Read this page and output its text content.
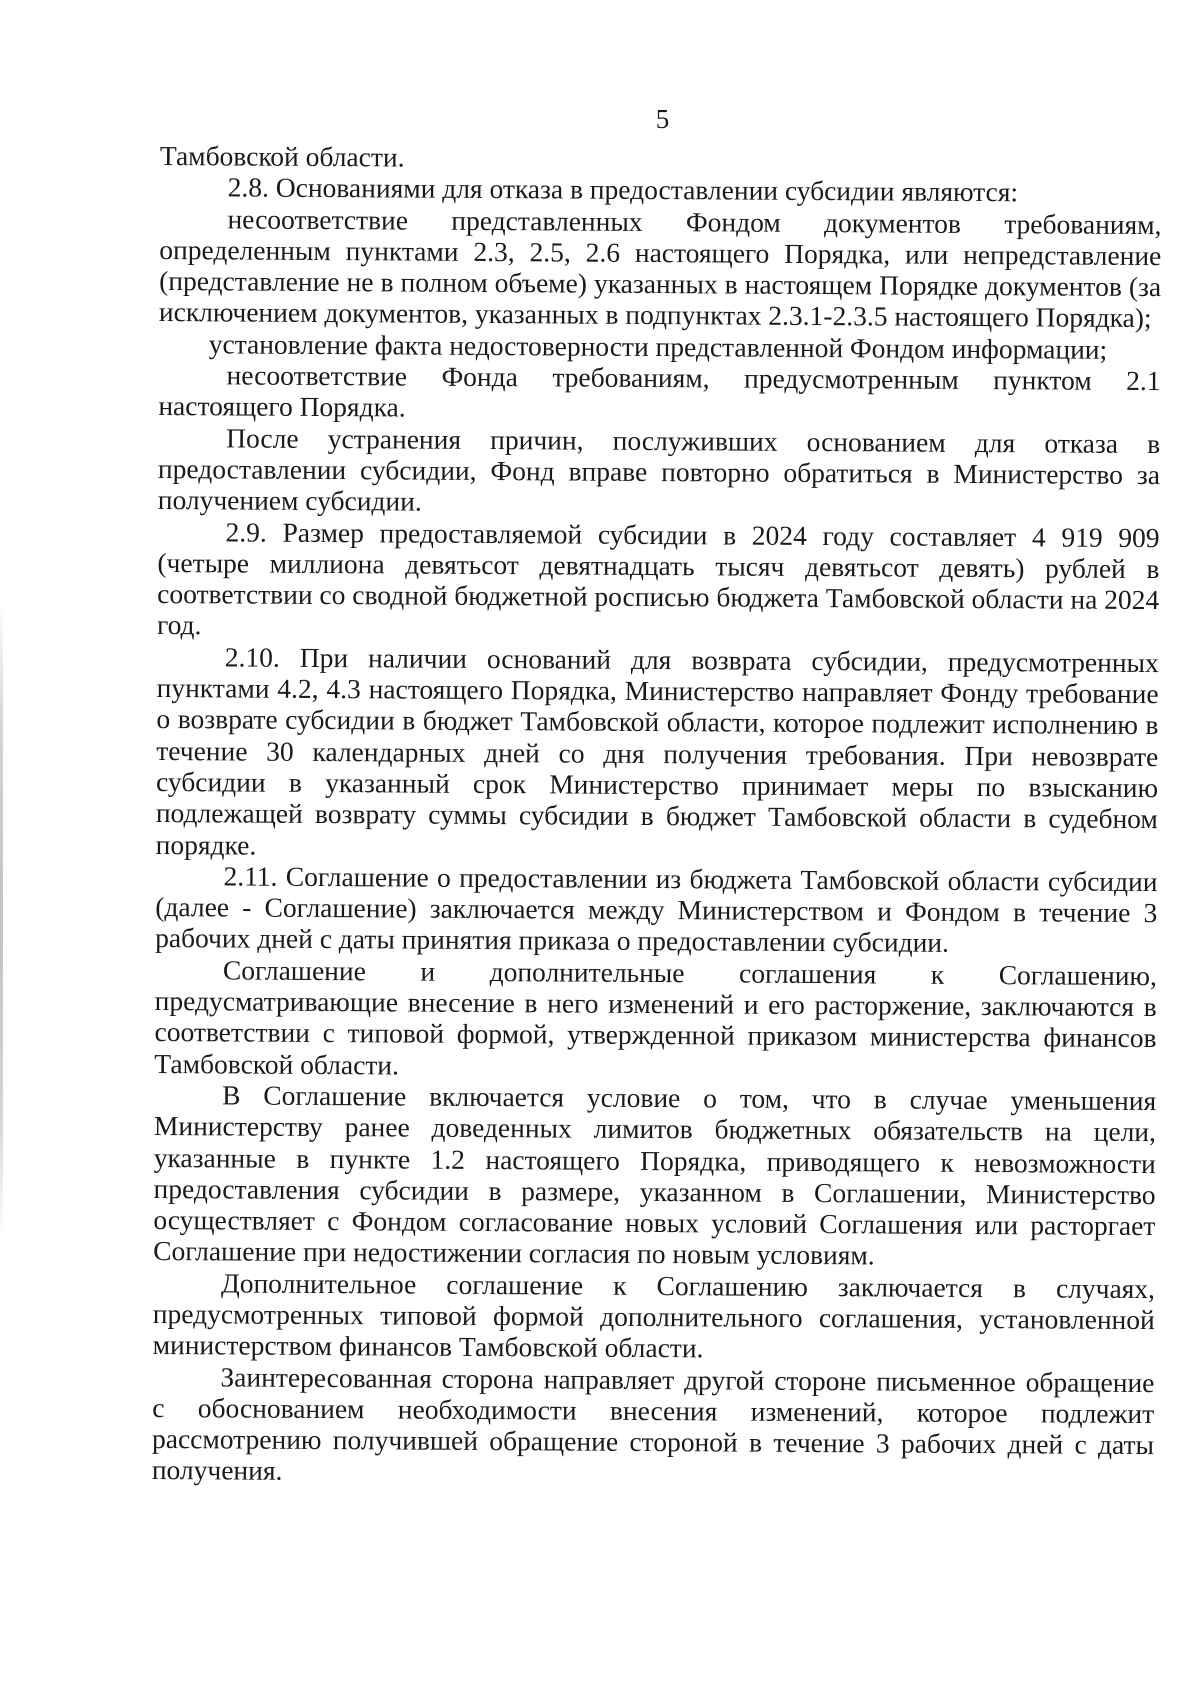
5

Тамбовской области.

2.8. Основаниями для отказа в предоставлении субсидии являются:

несоответствие представленных Фондом документов требованиям, определенным пунктами 2.3, 2.5, 2.6 настоящего Порядка, или непредставление (представление не в полном объеме) указанных в настоящем Порядке документов (за исключением документов, указанных в подпунктах 2.3.1-2.3.5 настоящего Порядка);

установление факта недостоверности представленной Фондом информации;

несоответствие Фонда требованиям, предусмотренным пунктом 2.1 настоящего Порядка.

После устранения причин, послуживших основанием для отказа в предоставлении субсидии, Фонд вправе повторно обратиться в Министерство за получением субсидии.

2.9. Размер предоставляемой субсидии в 2024 году составляет 4 919 909 (четыре миллиона девятьсот девятнадцать тысяч девятьсот девять) рублей в соответствии со сводной бюджетной росписью бюджета Тамбовской области на 2024 год.

2.10. При наличии оснований для возврата субсидии, предусмотренных пунктами 4.2, 4.3 настоящего Порядка, Министерство направляет Фонду требование о возврате субсидии в бюджет Тамбовской области, которое подлежит исполнению в течение 30 календарных дней со дня получения требования. При невозврате субсидии в указанный срок Министерство принимает меры по взысканию подлежащей возврату суммы субсидии в бюджет Тамбовской области в судебном порядке.

2.11. Соглашение о предоставлении из бюджета Тамбовской области субсидии (далее - Соглашение) заключается между Министерством и Фондом в течение 3 рабочих дней с даты принятия приказа о предоставлении субсидии.

Соглашение и дополнительные соглашения к Соглашению, предусматривающие внесение в него изменений и его расторжение, заключаются в соответствии с типовой формой, утвержденной приказом министерства финансов Тамбовской области.

В Соглашение включается условие о том, что в случае уменьшения Министерству ранее доведенных лимитов бюджетных обязательств на цели, указанные в пункте 1.2 настоящего Порядка, приводящего к невозможности предоставления субсидии в размере, указанном в Соглашении, Министерство осуществляет с Фондом согласование новых условий Соглашения или расторгает Соглашение при недостижении согласия по новым условиям.

Дополнительное соглашение к Соглашению заключается в случаях, предусмотренных типовой формой дополнительного соглашения, установленной министерством финансов Тамбовской области.

Заинтересованная сторона направляет другой стороне письменное обращение с обоснованием необходимости внесения изменений, которое подлежит рассмотрению получившей обращение стороной в течение 3 рабочих дней с даты получения.
